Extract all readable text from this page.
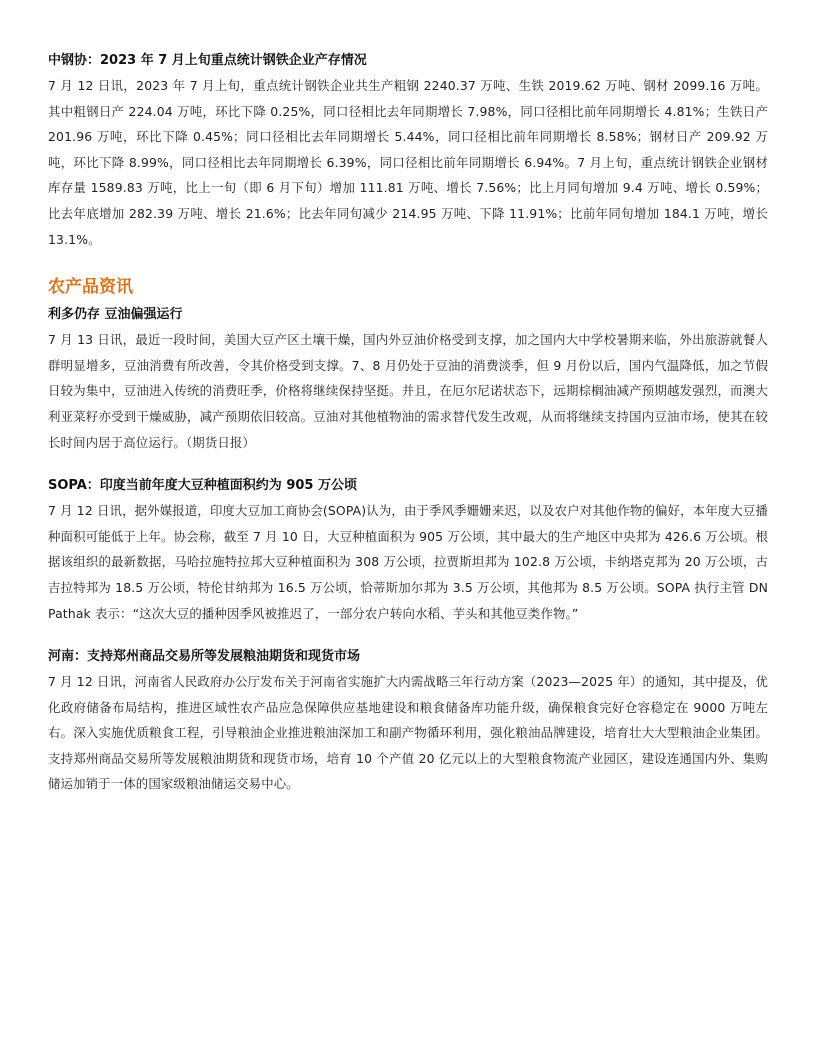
中钢协：2023 年 7 月上旬重点统计钢铁企业产存情况

7 月 12 日讯，2023 年 7 月上旬，重点统计钢铁企业共生产粗钢 2240.37 万吨、生铁 2019.62 万吨、钢材 2099.16 万吨。其中粗钢日产 224.04 万吨，环比下降 0.25%，同口径相比去年同期增长 7.98%，同口径相比前年同期增长 4.81%；生铁日产 201.96 万吨，环比下降 0.45%；同口径相比去年同期增长 5.44%，同口径相比前年同期增长 8.58%；钢材日产 209.92 万吨，环比下降 8.99%，同口径相比去年同期增长 6.39%，同口径相比前年同期增长 6.94%。7 月上旬，重点统计钢铁企业钢材库存量 1589.83 万吨，比上一旬（即 6 月下旬）增加 111.81 万吨、增长 7.56%；比上月同旬增加 9.4 万吨、增长 0.59%；比去年底增加 282.39 万吨、增长 21.6%；比去年同旬减少 214.95 万吨、下降 11.91%；比前年同旬增加 184.1 万吨，增长 13.1%。

农产品资讯

利多仍存 豆油偏强运行

7 月 13 日讯，最近一段时间，美国大豆产区土壤干燥，国内外豆油价格受到支撑，加之国内大中学校暑期来临，外出旅游就餐人群明显增多，豆油消费有所改善，令其价格受到支撑。7、8 月仍处于豆油的消费淡季，但 9 月份以后，国内气温降低，加之节假日较为集中，豆油进入传统的消费旺季，价格将继续保持坚挺。并且，在厄尔尼诺状态下，远期棕榈油减产预期越发强烈，而澳大利亚菜籽亦受到干燥威胁，减产预期依旧较高。豆油对其他植物油的需求替代发生改观，从而将继续支持国内豆油市场，使其在较长时间内居于高位运行。（期货日报）

SOPA：印度当前年度大豆种植面积约为 905 万公顷

7 月 12 日讯，据外媒报道，印度大豆加工商协会(SOPA)认为，由于季风季姗姗来迟，以及农户对其他作物的偏好，本年度大豆播种面积可能低于上年。协会称，截至 7 月 10 日，大豆种植面积为 905 万公顷，其中最大的生产地区中央邦为 426.6 万公顷。根据该组织的最新数据，马哈拉施特拉邦大豆种植面积为 308 万公顷，拉贾斯坦邦为 102.8 万公顷，卡纳塔克邦为 20 万公顷，古吉拉特邦为 18.5 万公顷，特伦甘纳邦为 16.5 万公顷，恰蒂斯加尔邦为 3.5 万公顷，其他邦为 8.5 万公顷。SOPA 执行主管 DN Pathak 表示：“这次大豆的播种因季风被推迟了，一部分农户转向水稻、芋头和其他豆类作物。”

河南：支持郑州商品交易所等发展粮油期货和现货市场

7 月 12 日讯，河南省人民政府办公厅发布关于河南省实施扩大内需战略三年行动方案（2023—2025 年）的通知，其中提及，优化政府储备布局结构，推进区域性农产品应急保障供应基地建设和粮食储备库功能升级，确保粮食完好仓容稳定在 9000 万吨左右。深入实施优质粮食工程，引导粮油企业推进粮油深加工和副产物循环利用，强化粮油品牌建设，培育壮大大型粮油企业集团。支持郑州商品交易所等发展粮油期货和现货市场，培育 10 个产值 20 亿元以上的大型粮食物流产业园区，建设连通国内外、集购储运加销于一体的国家级粮油储运交易中心。
